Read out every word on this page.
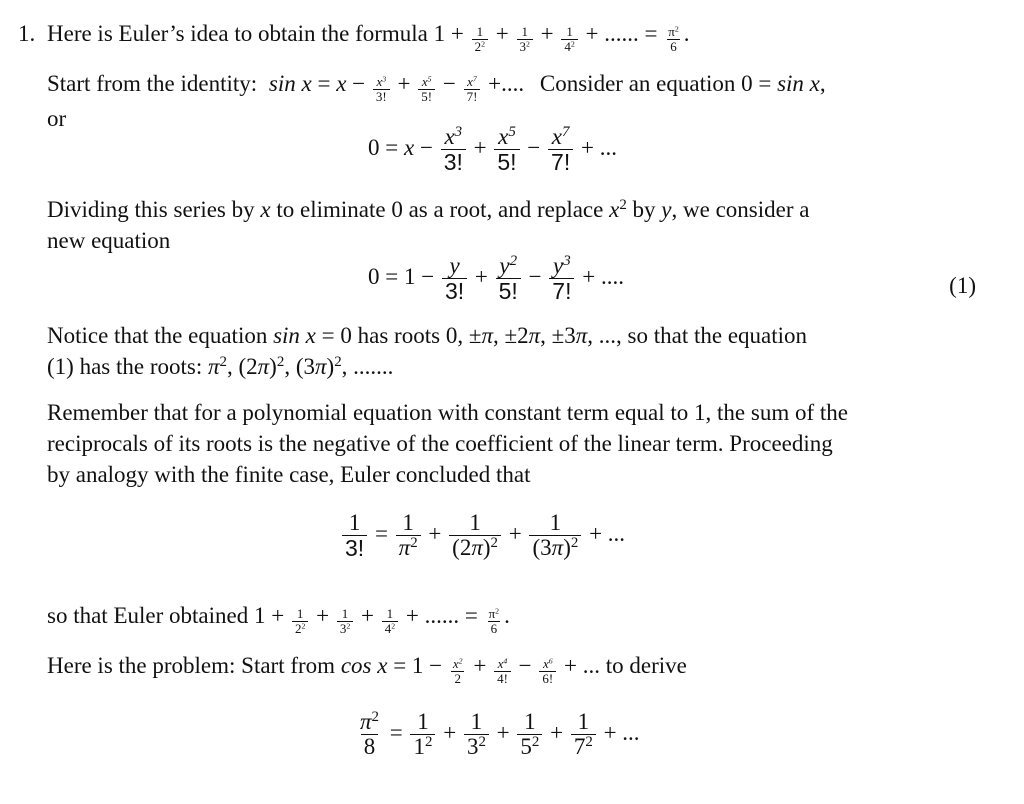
1. Here is Euler’s idea to obtain the formula $1 + \frac{1}{2^2} + \frac{1}{3^2} + \frac{1}{4^2}$ + ...... = $\frac{\pi^2}{6}$ .
Start from the identity: $\sin x = x - \frac{x^3}{3!} + \frac{x^5}{5!} - \frac{x^7}{7!}$ +.... Consider an equation 0 = sin x,
or
$0 = x - \frac{x^3}{3!} + \frac{x^5}{5!} - \frac{x^7}{7!}$ + ...
Dividing this series by x to eliminate 0 as a root, and replace $x^2$ by y, we consider a
new equation
$0 = 1 - \frac{y}{3!} + \frac{y^2}{5!} - \frac{y^3}{7!}$ + ....	(1)
Notice that the equation sin x = 0 has roots 0, ±π, ±2π, ±3π, ..., so that the equation
(1) has the roots: $\pi^2$, $(2\pi)^2$, $(3\pi)^2$, .......
Remember that for a polynomial equation with constant term equal to 1, the sum of the
reciprocals of its roots is the negative of the coefficient of the linear term. Proceeding
by analogy with the finite case, Euler concluded that
$\frac{1}{3!} = \frac{1}{\pi^2} + \frac{1}{(2\pi)^2} + \frac{1}{(3\pi)^2}$ + ...
so that Euler obtained $1 + \frac{1}{2^2} + \frac{1}{3^2} + \frac{1}{4^2}$ + ...... = $\frac{\pi^2}{6}$ .
Here is the problem: Start from $\cos x = 1 - \frac{x^2}{2} + \frac{x^4}{4!} - \frac{x^6}{6!}$ + ... to derive
$\frac{\pi^2}{8} = \frac{1}{1^2} + \frac{1}{3^2} + \frac{1}{5^2} + \frac{1}{7^2}$ + ...
